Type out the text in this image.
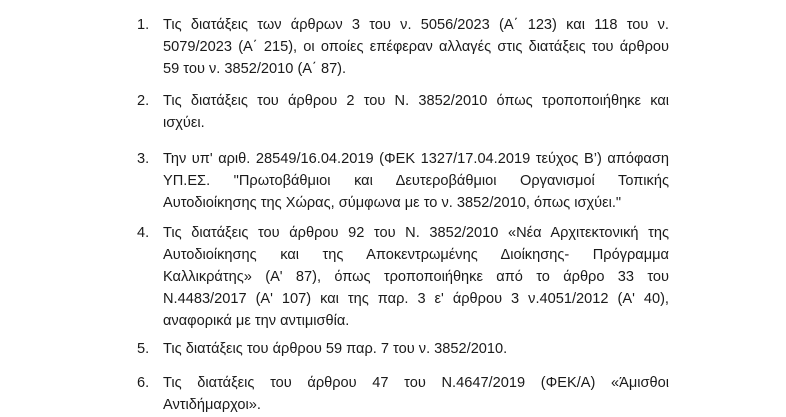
1. Τις διατάξεις των άρθρων 3 του ν. 5056/2023 (Α΄ 123) και 118 του ν.
5079/2023 (Α΄ 215), οι οποίες επέφεραν αλλαγές στις διατάξεις του άρθρου
59 του ν. 3852/2010 (Α΄ 87).
2. Τις διατάξεις του άρθρου 2 του Ν. 3852/2010 όπως τροποποιήθηκε και
ισχύει.
3. Την υπ' αριθ. 28549/16.04.2019 (ΦΕΚ 1327/17.04.2019 τεύχος Β’) απόφαση
ΥΠ.ΕΣ. "Πρωτοβάθμιοι και Δευτεροβάθμιοι Οργανισμοί Τοπικής
Αυτοδιοίκησης της Χώρας, σύμφωνα με το ν. 3852/2010, όπως ισχύει."
4. Τις διατάξεις του άρθρου 92 του Ν. 3852/2010 «Νέα Αρχιτεκτονική της
Αυτοδιοίκησης και της Αποκεντρωμένης Διοίκησης- Πρόγραμμα
Καλλικράτης» (Α' 87), όπως τροποποιήθηκε από το άρθρο 33 του
Ν.4483/2017 (Α' 107) και της παρ. 3 ε' άρθρου 3 ν.4051/2012 (Α' 40),
αναφορικά με την αντιμισθία.
5. Τις διατάξεις του άρθρου 59 παρ. 7 του ν. 3852/2010.
6. Τις διατάξεις του άρθρου 47 του Ν.4647/2019 (ΦΕΚ/Α) «Άμισθοι
Αντιδήμαρχοι».
